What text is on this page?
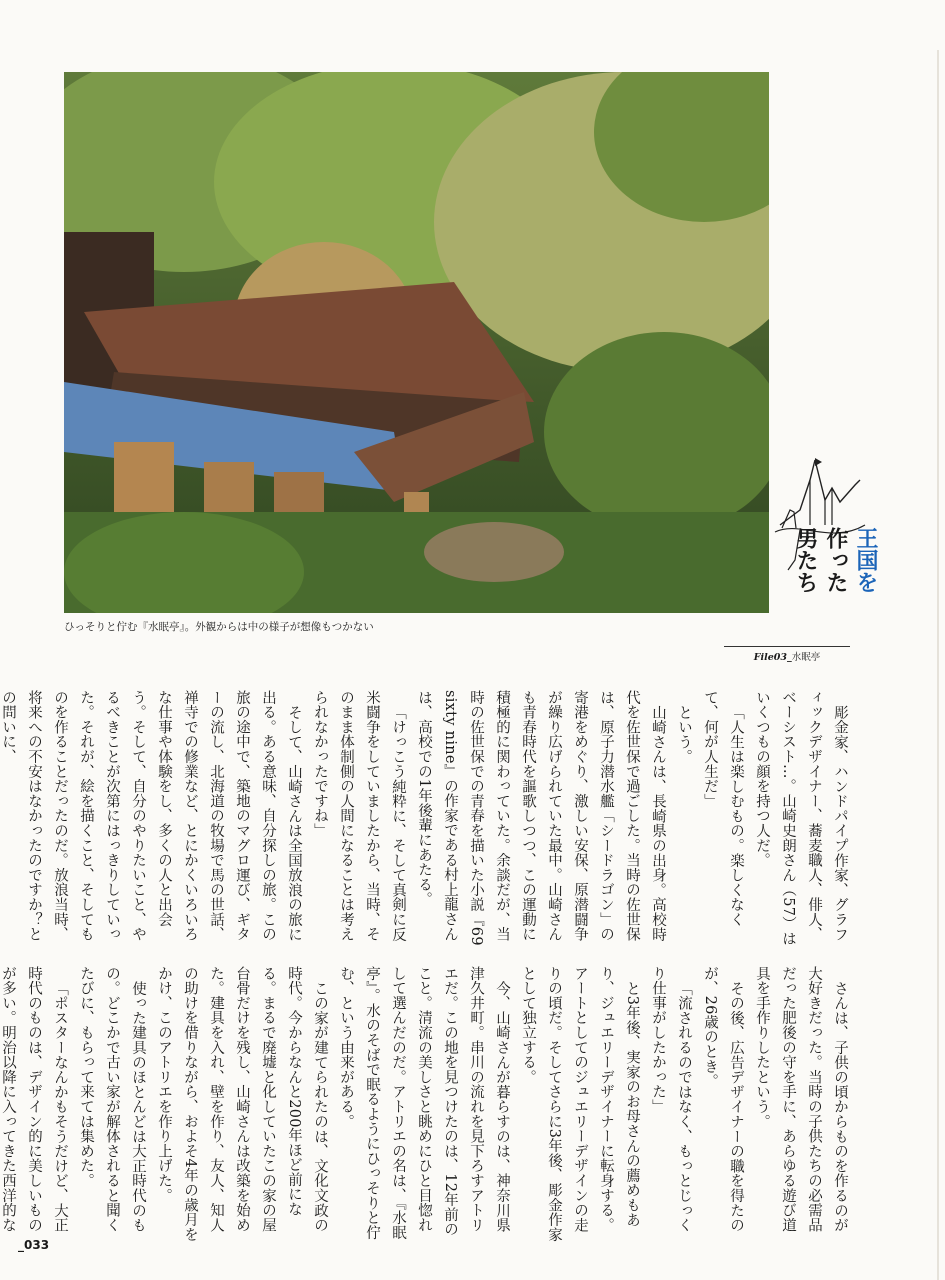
ひっそりと佇む『水眠亭』。外観からは中の様子が想像もつかない
王国を
作った
男たち
File03_水眠亭

彫金家、ハンドパイプ作家、グラフィックデザイナー、蕎麦職人、俳人、ベーシスト…。山崎史朗さん（57）はいくつもの顔を持つ人だ。

「人生は楽しむもの。楽しくなくて、何が人生だ」

という。

山崎さんは、長崎県の出身。高校時代を佐世保で過ごした。当時の佐世保は、原子力潜水艦「シードラゴン」の寄港をめぐり、激しい安保、原潜闘争が繰り広げられていた最中。山崎さんも青春時代を謳歌しつつ、この運動に積極的に関わっていた。余談だが、当時の佐世保での青春を描いた小説『69 sixty nine』の作家である村上龍さんは、高校での1年後輩にあたる。

「けっこう純粋に、そして真剣に反米闘争をしていましたから、当時、そのまま体制側の人間になることは考えられなかったですね」

そして、山崎さんは全国放浪の旅に出る。ある意味、自分探しの旅。この旅の途中で、築地のマグロ運び、ギターの流し、北海道の牧場で馬の世話、禅寺での修業など、とにかくいろいろな仕事や体験をし、多くの人と出会う。そして、自分のやりたいこと、やるべきことが次第にはっきりしていった。それが、絵を描くこと、そしてものを作ることだったのだ。放浪当時、将来への不安はなかったのですか？との問いに、

さんは、子供の頃からものを作るのが大好きだった。当時の子供たちの必需品だった肥後の守を手に、あらゆる遊び道具を手作りしたという。

その後、広告デザイナーの職を得たのが、26歳のとき。

「流されるのではなく、もっとじっくり仕事がしたかった」

と3年後、実家のお母さんの薦めもあり、ジュエリーデザイナーに転身する。アートとしてのジュエリーデザインの走りの頃だ。そしてさらに3年後、彫金作家として独立する。

今、山崎さんが暮らすのは、神奈川県津久井町。串川の流れを見下ろすアトリエだ。この地を見つけたのは、12年前のこと。清流の美しさと眺めにひと目惚れして選んだのだ。アトリエの名は、『水眠亭』。水のそばで眠るようにひっそりと佇む、という由来がある。

この家が建てられたのは、文化文政の時代。今からなんと200年ほど前になる。まるで廃墟と化していたこの家の屋台骨だけを残し、山崎さんは改築を始めた。建具を入れ、壁を作り、友人、知人の助けを借りながら、およそ4年の歳月をかけ、このアトリエを作り上げた。

使った建具のほとんどは大正時代のもの。どこかで古い家が解体されると聞くたびに、もらって来ては集めた。

「ポスターなんかもそうだけど、大正時代のものは、デザイン的に美しいものが多い。明治以降に入ってきた西洋的な

_033
